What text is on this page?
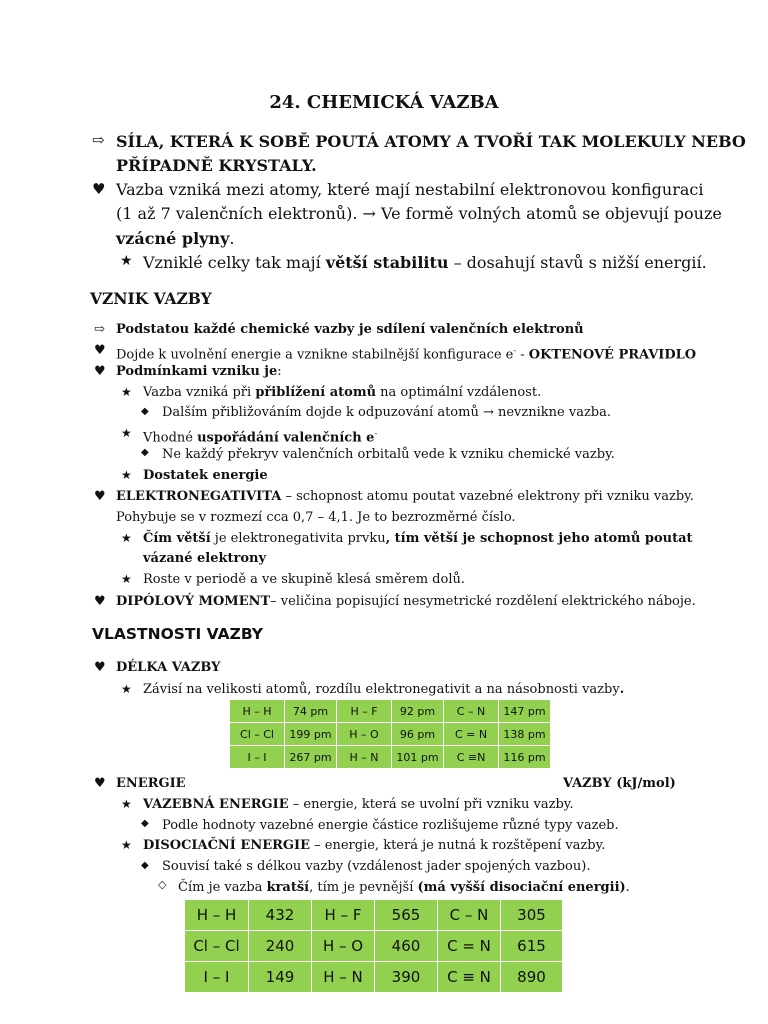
24. CHEMICKÁ VAZBA
⇨ SÍLA, KTERÁ K SOBĚ POUTÁ ATOMY A TVOŘÍ TAK MOLEKULY NEBO
PŘÍPADNĚ KRYSTALY.
♥ Vazba vzniká mezi atomy, které mají nestabilní elektronovou konfiguraci
(1 až 7 valenčních elektronů). → Ve formě volných atomů se objevují pouze
vzácné plyny.
★ Vzniklé celky tak mají větší stabilitu – dosahují stavů s nižší energií.
VZNIK VAZBY
⇨ Podstatou každé chemické vazby je sdílení valenčních elektronů
♥ Dojde k uvolnění energie a vznikne stabilnější konfigurace e- - OKTENOVÉ PRAVIDLO
♥ Podmínkami vzniku je:
★ Vazba vzniká při přiblížení atomů na optimální vzdálenost.
◆ Dalším přibližováním dojde k odpuzování atomů → nevznikne vazba.
★ Vhodné uspořádání valenčních e-
◆ Ne každý překryv valenčních orbitalů vede k vzniku chemické vazby.
★ Dostatek energie
♥ ELEKTRONEGATIVITA – schopnost atomu poutat vazebné elektrony při vzniku vazby.
Pohybuje se v rozmezí cca 0,7 – 4,1. Je to bezrozměrné číslo.
★ Čím větší je elektronegativita prvku, tím větší je schopnost jeho atomů poutat
vázané elektrony
★ Roste v periodě a ve skupině klesá směrem dolů.
♥ DIPÓLOVÝ MOMENT– veličina popisující nesymetrické rozdělení elektrického náboje.
VLASTNOSTI VAZBY
♥ DÉLKA VAZBY
★ Závisí na velikosti atomů, rozdílu elektronegativit a na násobnosti vazby.
H – H	74 pm	H – F	92 pm	C – N	147 pm
Cl – Cl	199 pm	H – O	96 pm	C = N	138 pm
I – I	267 pm	H – N	101 pm	C ≡N	116 pm
♥ ENERGIE	VAZBY (kJ/mol)
★ VAZEBNÁ ENERGIE – energie, která se uvolní při vzniku vazby.
◆ Podle hodnoty vazebné energie částice rozlišujeme různé typy vazeb.
★ DISOCIAČNÍ ENERGIE – energie, která je nutná k rozštěpení vazby.
◆ Souvisí také s délkou vazby (vzdálenost jader spojených vazbou).
◇ Čím je vazba kratší, tím je pevnější (má vyšší disociační energii).
H – H	432	H – F	565	C – N	305
Cl – Cl	240	H – O	460	C = N	615
I – I	149	H – N	390	C ≡ N	890
